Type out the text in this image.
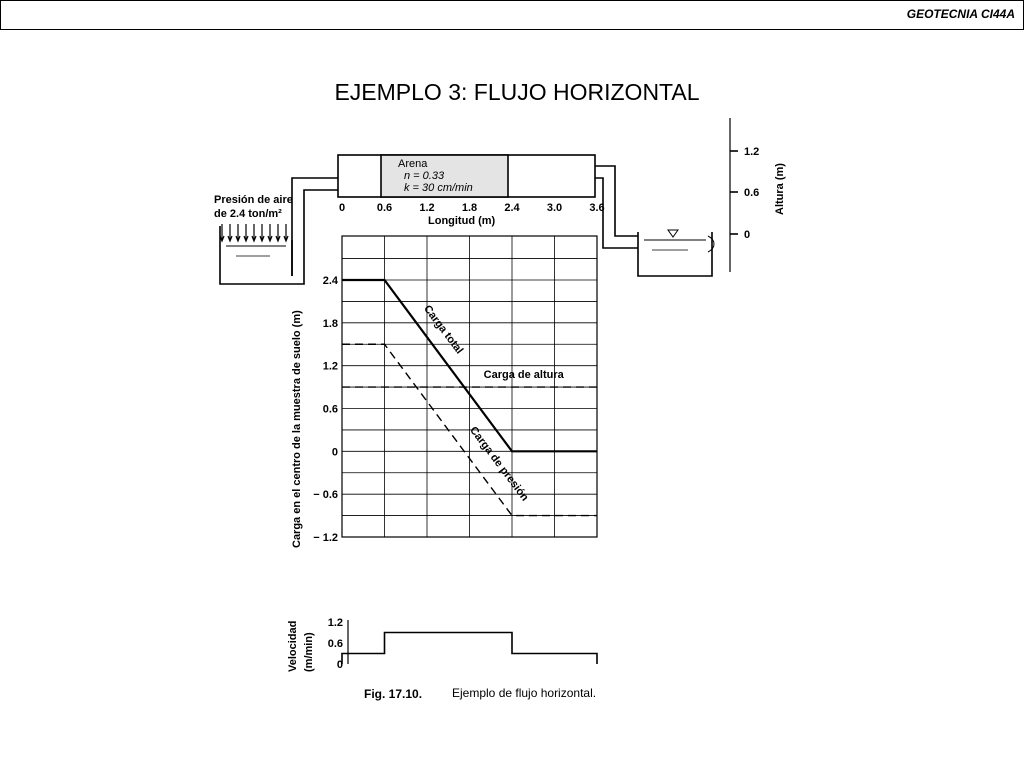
GEOTECNIA CI44A
EJEMPLO 3: FLUJO HORIZONTAL
Arena
n = 0.33
k = 30 cm/min
Presión de aire
de 2.4 ton/m²	0	0.6 1.2 1.8 2.4 3.0 3.6
Longitud (m)
Altura (m)
1.2
0.6
0
2.4
1.8
1.2
0.6
0
− 0.6
− 1.2
Carga total
Carga de altura
Carga de presión
Carga en el centro de la muestra de suelo (m)
1.2
0.6
0
Velocidad (m/min)
Fig. 17.10. Ejemplo de flujo horizontal.
